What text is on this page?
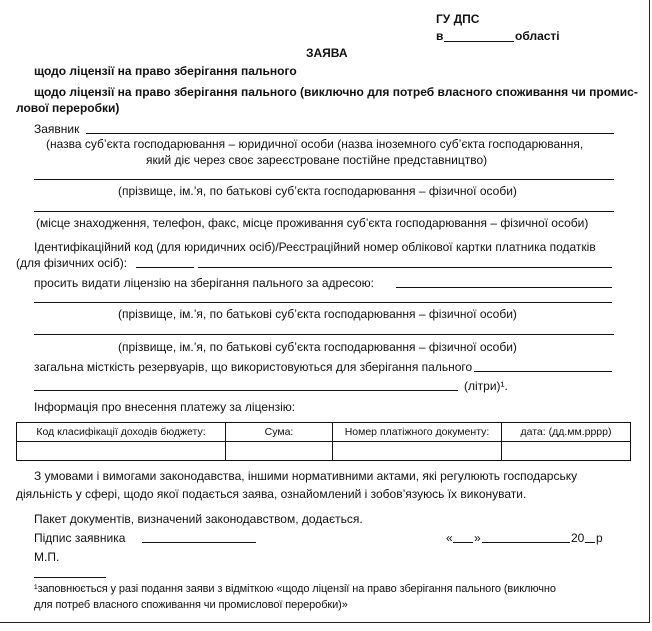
ГУ ДПС
в	області
ЗАЯВА
щодо ліцензії на право зберігання пального
щодо ліцензії на право зберігання пального (виключно для потреб власного споживання чи промис-
лової переробки)
Заявник
(назва суб’єкта господарювання – юридичної особи (назва іноземного суб’єкта господарювання,
який діє через своє зареєстроване постійне представництво)
(прізвище, ім.’я, по батькові суб’єкта господарювання – фізичної особи)
(місце знаходження, телефон, факс, місце проживання суб’єкта господарювання – фізичної особи)
Ідентифікаційний код (для юридичних осіб)/Реєстраційний номер облікової картки платника податків
(для фізичних осіб):
просить видати ліцензію на зберігання пального за адресою:
(прізвище, ім.’я, по батькові суб’єкта господарювання – фізичної особи)
(прізвище, ім.’я, по батькові суб’єкта господарювання – фізичної особи)
загальна місткість резервуарів, що використовуються для зберігання пального
(літри)¹.
Інформація про внесення платежу за ліцензію:
Код класифікації доходів бюджету:	Сума:	Номер платіжного документу:	дата: (дд.мм.рррр)

З умовами і вимогами законодавства, іншими нормативними актами, які регулюють господарську
діяльність у сфері, щодо якої подається заява, ознайомлений і зобов’язуюсь їх виконувати.
Пакет документів, визначений законодавством, додається.
Підпис заявника	« »	20 р
М.П.
¹заповнюється у разі подання заяви з відміткою «щодо ліцензії на право зберігання пального (виключно
для потреб власного споживання чи промислової переробки)»
